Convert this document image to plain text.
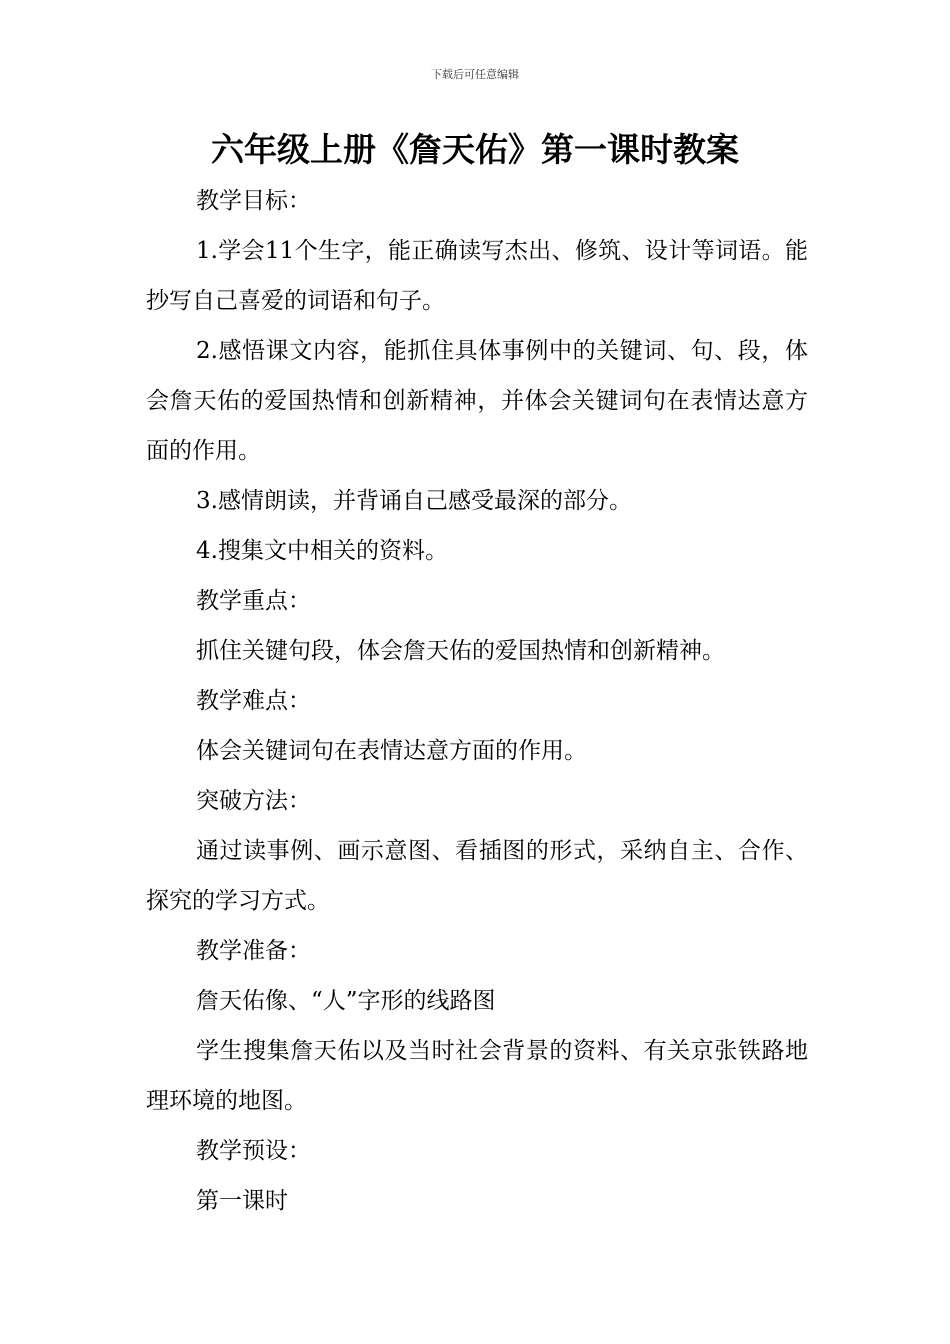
下载后可任意编辑
六年级上册《詹天佑》第一课时教案

教学目标：

1.学会11个生字，能正确读写杰出、修筑、设计等词语。能抄写自己喜爱的词语和句子。

2.感悟课文内容，能抓住具体事例中的关键词、句、段，体会詹天佑的爱国热情和创新精神，并体会关键词句在表情达意方面的作用。

3.感情朗读，并背诵自己感受最深的部分。

4.搜集文中相关的资料。

教学重点：

抓住关键句段，体会詹天佑的爱国热情和创新精神。

教学难点：

体会关键词句在表情达意方面的作用。

突破方法：

通过读事例、画示意图、看插图的形式，采纳自主、合作、探究的学习方式。

教学准备：

詹天佑像、“人”字形的线路图

学生搜集詹天佑以及当时社会背景的资料、有关京张铁路地理环境的地图。

教学预设：

第一课时
